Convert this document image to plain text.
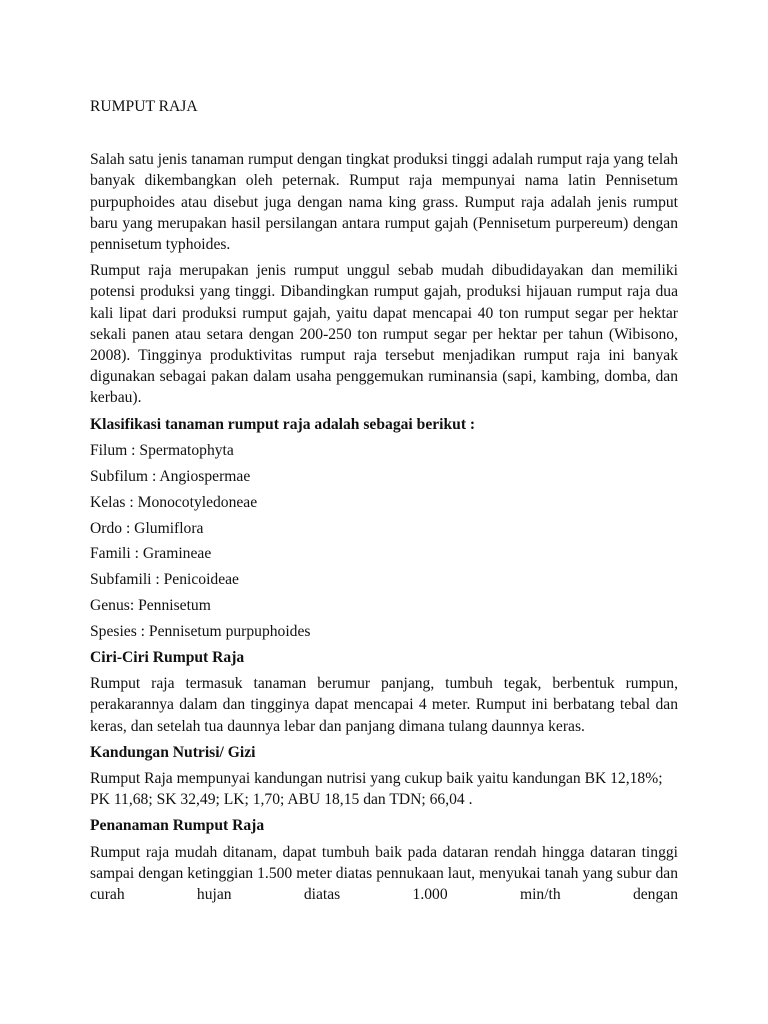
RUMPUT RAJA

Salah satu jenis tanaman rumput dengan tingkat produksi tinggi adalah rumput raja yang telah banyak dikembangkan oleh peternak. Rumput raja mempunyai nama latin Pennisetum purpuphoides atau disebut juga dengan nama king grass. Rumput raja adalah jenis rumput baru yang merupakan hasil persilangan antara rumput gajah (Pennisetum purpereum) dengan pennisetum typhoides.

Rumput raja merupakan jenis rumput unggul sebab mudah dibudidayakan dan memiliki potensi produksi yang tinggi. Dibandingkan rumput gajah, produksi hijauan rumput raja dua kali lipat dari produksi rumput gajah, yaitu dapat mencapai 40 ton rumput segar per hektar sekali panen atau setara dengan 200-250 ton rumput segar per hektar per tahun (Wibisono, 2008). Tingginya produktivitas rumput raja tersebut menjadikan rumput raja ini banyak digunakan sebagai pakan dalam usaha penggemukan ruminansia (sapi, kambing, domba, dan kerbau).

Klasifikasi tanaman rumput raja adalah sebagai berikut :

Filum : Spermatophyta

Subfilum : Angiospermae

Kelas : Monocotyledoneae

Ordo : Glumiflora

Famili : Gramineae

Subfamili : Penicoideae

Genus: Pennisetum

Spesies : Pennisetum purpuphoides

Ciri-Ciri Rumput Raja

Rumput raja termasuk tanaman berumur panjang, tumbuh tegak, berbentuk rumpun, perakarannya dalam dan tingginya dapat mencapai 4 meter. Rumput ini berbatang tebal dan keras, dan setelah tua daunnya lebar dan panjang dimana tulang daunnya keras.

Kandungan Nutrisi/ Gizi

Rumput Raja mempunyai kandungan nutrisi yang cukup baik yaitu kandungan BK 12,18%; PK 11,68; SK 32,49; LK; 1,70; ABU 18,15 dan TDN; 66,04 .

Penanaman Rumput Raja

Rumput raja mudah ditanam, dapat tumbuh baik pada dataran rendah hingga dataran tinggi sampai dengan ketinggian 1.500 meter diatas pennukaan laut, menyukai tanah yang subur dan curah hujan diatas 1.000 min/th dengan
